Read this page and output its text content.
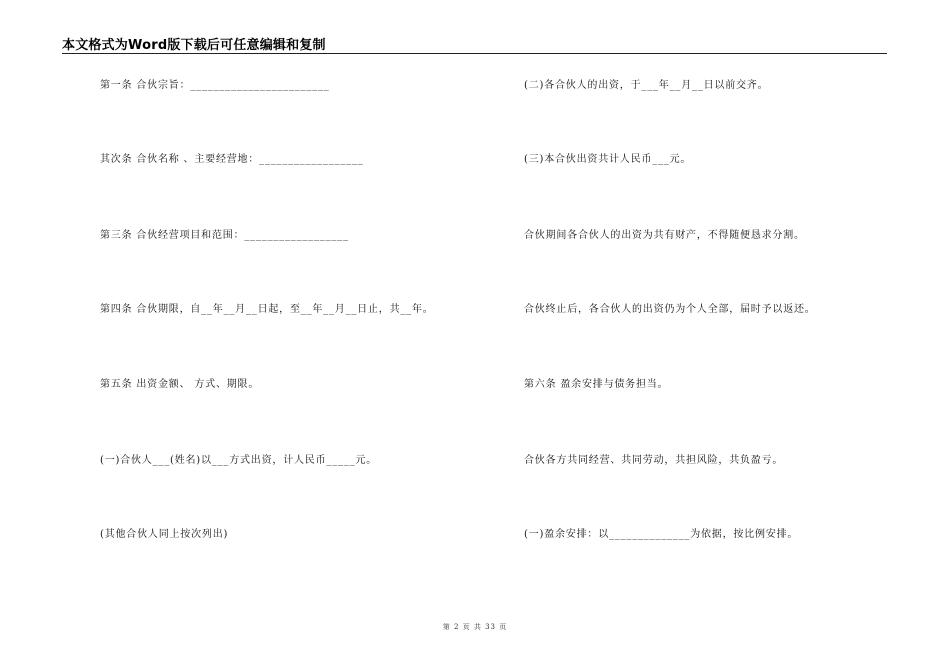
本文格式为Word版下载后可任意编辑和复制
第一条 合伙宗旨：________________________
其次条 合伙名称 、主要经营地：__________________
第三条 合伙经营项目和范围：__________________
第四条 合伙期限，自__年__月__日起，至__年__月__日止，共__年。
第五条 出资金额、 方式、期限。
(一)合伙人___(姓名)以___方式出资，计人民币_____元。
(其他合伙人同上按次列出)
(二)各合伙人的出资，于___年__月__日以前交齐。
(三)本合伙出资共计人民币___元。
合伙期间各合伙人的出资为共有财产，不得随便恳求分割。
合伙终止后，各合伙人的出资仍为个人全部，届时予以返还。
第六条 盈余安排与债务担当。
合伙各方共同经营、共同劳动，共担风险，共负盈亏。
(一)盈余安排：以______________为依据，按比例安排。
第 2 页 共 33 页
